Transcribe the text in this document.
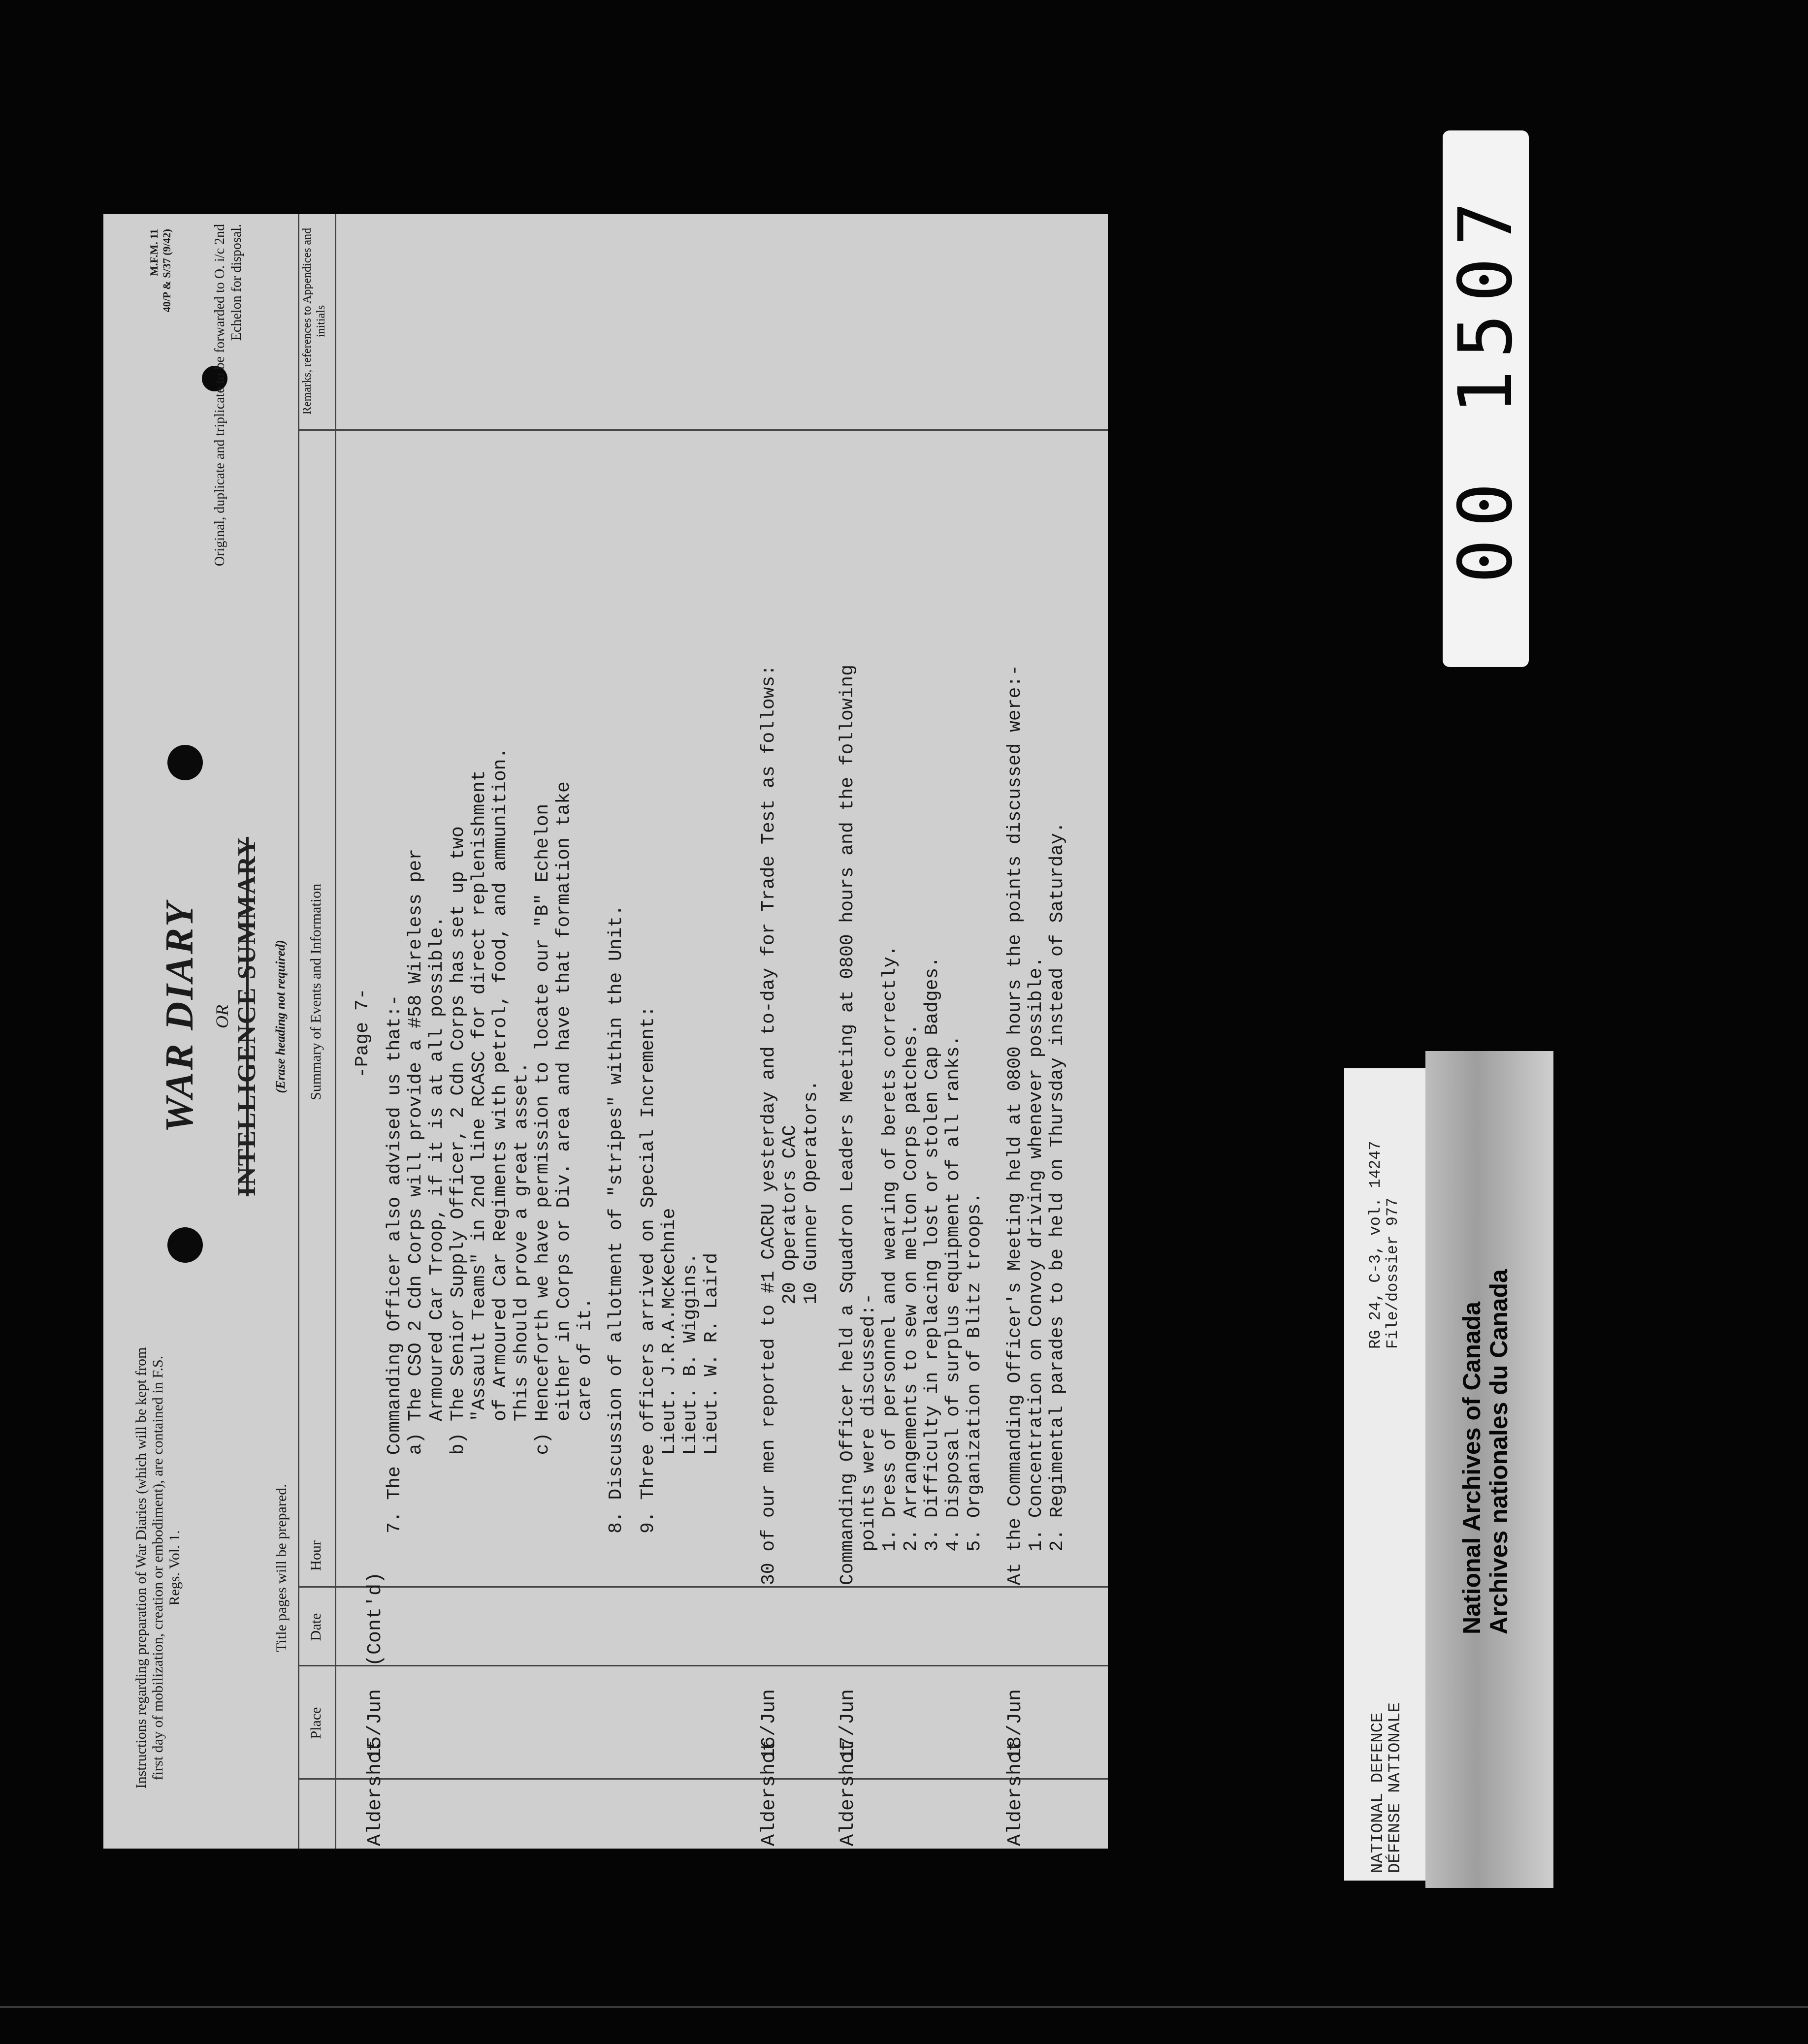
Instructions regarding preparation of War Diaries (which will be kept from first day of mobilization, creation or embodiment), are contained in F.S. Regs. Vol. 1.	Title pages will be prepared.
WAR DIARY OR INTELLIGENCE SUMMARY (Erase heading not required)
M.F.M. 11
40/P & S/37 (9/42)	Original, duplicate and triplicate to be forwarded to O. i/c 2nd Echelon for disposal.
Place
Date
Hour
Summary of Events and Information
Remarks, references to Appendices and initials
-Page 7-
Aldershot
15/Jun
(Cont'd)
7. The Commanding Officer also advised us that:- a) The CSO 2 Cdn Corps will provide a #58 Wireless per Armoured Car Troop, if it is at all possible. b) The Senior Supply Officer, 2 Cdn Corps has set up two "Assault Teams" in 2nd line RCASC for direct replenishment of Armoured Car Regiments with petrol, food, and ammunition. This should prove a great asset. c) Henceforth we have permission to locate our "B" Echelon either in Corps or Div. area and have that formation take care of it. 8. Discussion of allotment of "stripes" within the Unit. 9. Three officers arrived on Special Increment: Lieut. J.R.A.McKechnie Lieut. B. Wiggins. Lieut. W. R. Laird
Aldershot
16/Jun
30 of our men reported to #1 CACRU yesterday and to-day for Trade Test as follows: 20 Operators CAC 10 Gunner Operators.
Aldershot
17/Jun
Commanding Officer held a Squadron Leaders Meeting at 0800 hours and the following points were discussed:- 1. Dress of personnel and wearing of berets correctly. 2. Arrangements to sew on melton Corps patches. 3. Difficulty in replacing lost or stolen Cap Badges. 4. Disposal of surplus equipment of all ranks. 5. Organization of Blitz troops.
Aldershot
18/Jun
At the Commanding Officer's Meeting held at 0800 hours the points discussed were:- 1. Concentration on Convoy driving whenever possible. 2. Regimental parades to be held on Thursday instead of Saturday.
00 1507
NATIONAL DEFENCE
DÉFENSE NATIONALE
RG 24, C-3, vol. 14247
File/dossier 977
National Archives of Canada Archives nationales du Canada
